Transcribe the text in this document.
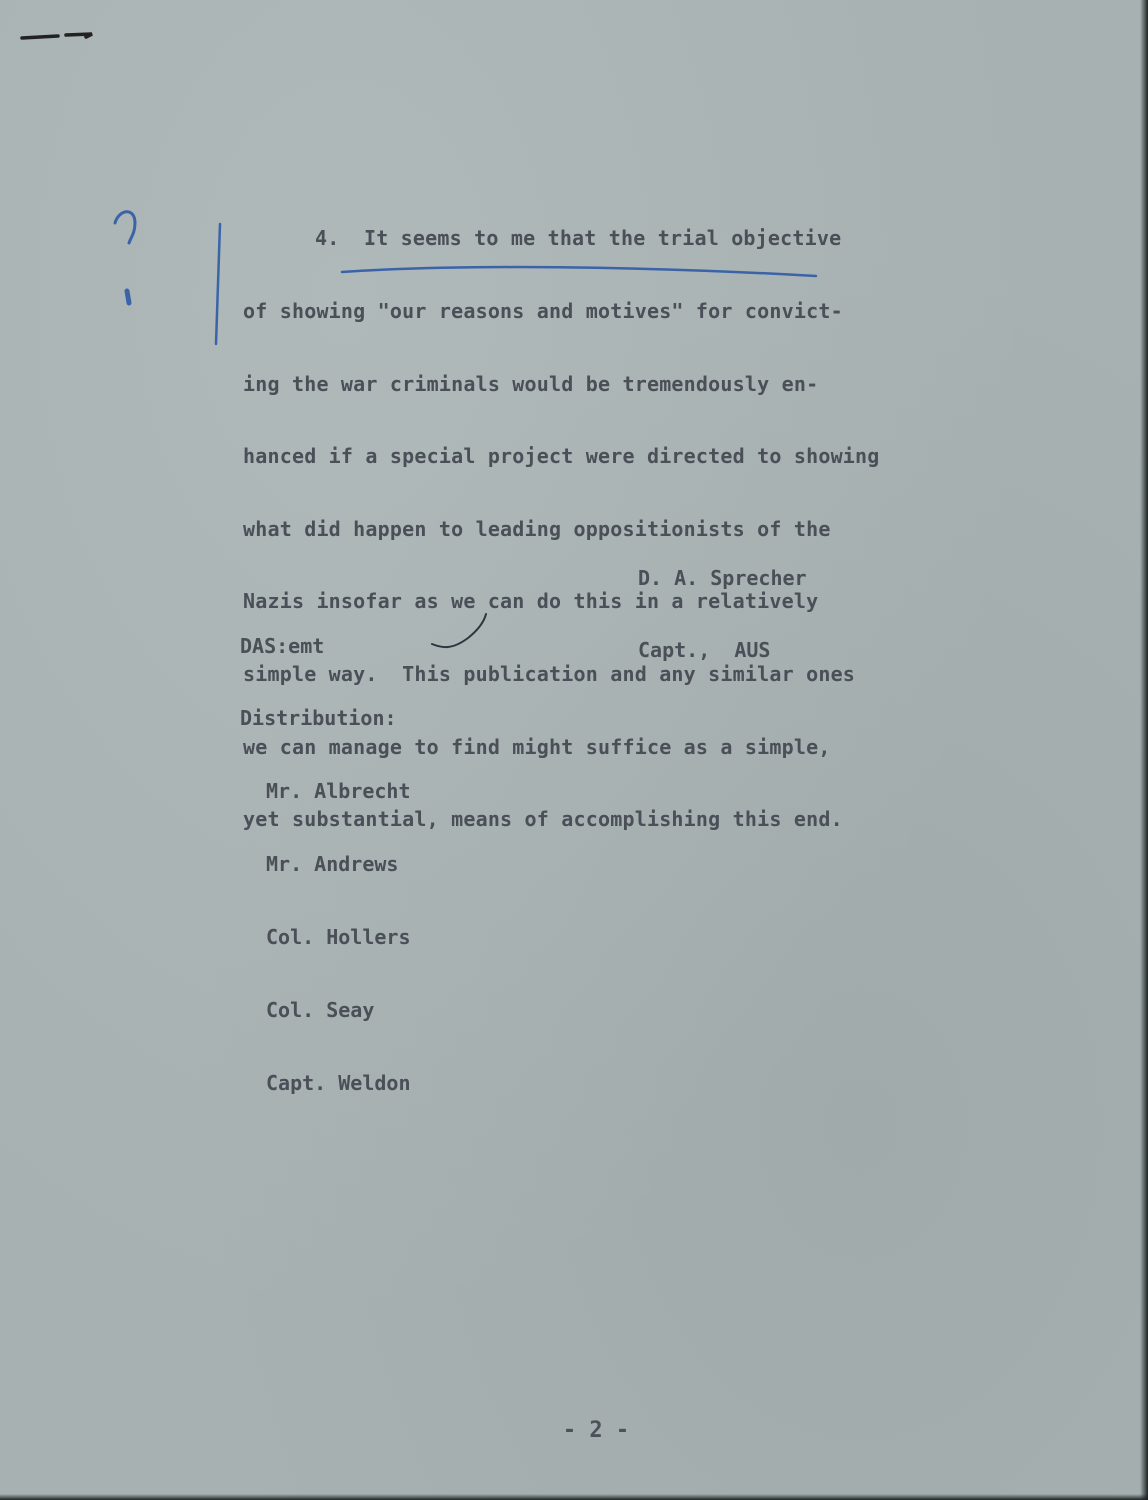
4.  It seems to me that the trial objective

of showing "our reasons and motives" for convict-

ing the war criminals would be tremendously en-

hanced if a special project were directed to showing

what did happen to leading oppositionists of the

Nazis insofar as we can do this in a relatively

simple way.  This publication and any similar ones

we can manage to find might suffice as a simple,

yet substantial, means of accomplishing this end.

D. A. Sprecher

Capt.,  AUS

DAS:emt

Distribution:

Mr. Albrecht

Mr. Andrews

Col. Hollers

Col. Seay

Capt. Weldon

- 2 -
